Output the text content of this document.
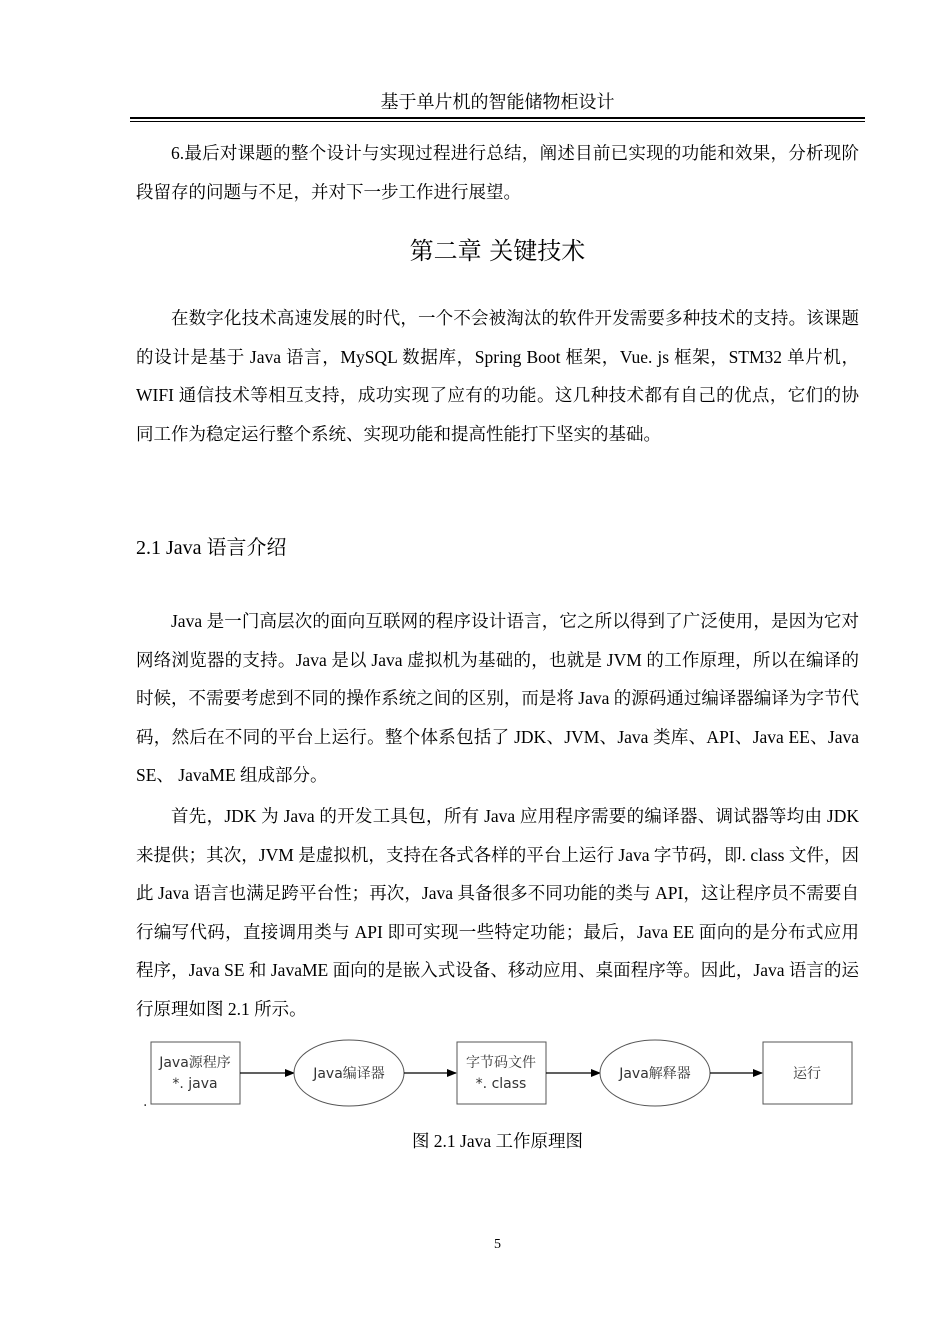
基于单片机的智能储物柜设计

6.最后对课题的整个设计与实现过程进行总结，阐述目前已实现的功能和效果，分析现阶段留存的问题与不足，并对下一步工作进行展望。

第二章 关键技术

在数字化技术高速发展的时代，一个不会被淘汰的软件开发需要多种技术的支持。该课题的设计是基于 Java 语言，MySQL 数据库，Spring Boot 框架，Vue. js 框架，STM32 单片机，WIFI 通信技术等相互支持，成功实现了应有的功能。这几种技术都有自己的优点，它们的协同工作为稳定运行整个系统、实现功能和提高性能打下坚实的基础。

2.1 Java 语言介绍

Java 是一门高层次的面向互联网的程序设计语言，它之所以得到了广泛使用，是因为它对网络浏览器的支持。Java 是以 Java 虚拟机为基础的，也就是 JVM 的工作原理，所以在编译的时候，不需要考虑到不同的操作系统之间的区别，而是将 Java 的源码通过编译器编译为字节代码，然后在不同的平台上运行。整个体系包括了 JDK、JVM、Java 类库、API、Java EE、Java SE、 JavaME 组成部分。

首先，JDK 为 Java 的开发工具包，所有 Java 应用程序需要的编译器、调试器等均由 JDK 来提供；其次，JVM 是虚拟机，支持在各式各样的平台上运行 Java 字节码，即. class 文件，因此 Java 语言也满足跨平台性；再次，Java 具备很多不同功能的类与 API，这让程序员不需要自行编写代码，直接调用类与 API 即可实现一些特定功能；最后，Java EE 面向的是分布式应用程序，Java SE 和 JavaME 面向的是嵌入式设备、移动应用、桌面程序等。因此，Java 语言的运行原理如图 2.1 所示。

Java源程序
*. java
Java编译器
字节码文件
*. class
Java解释器	运行
.
图 2.1 Java 工作原理图
5
